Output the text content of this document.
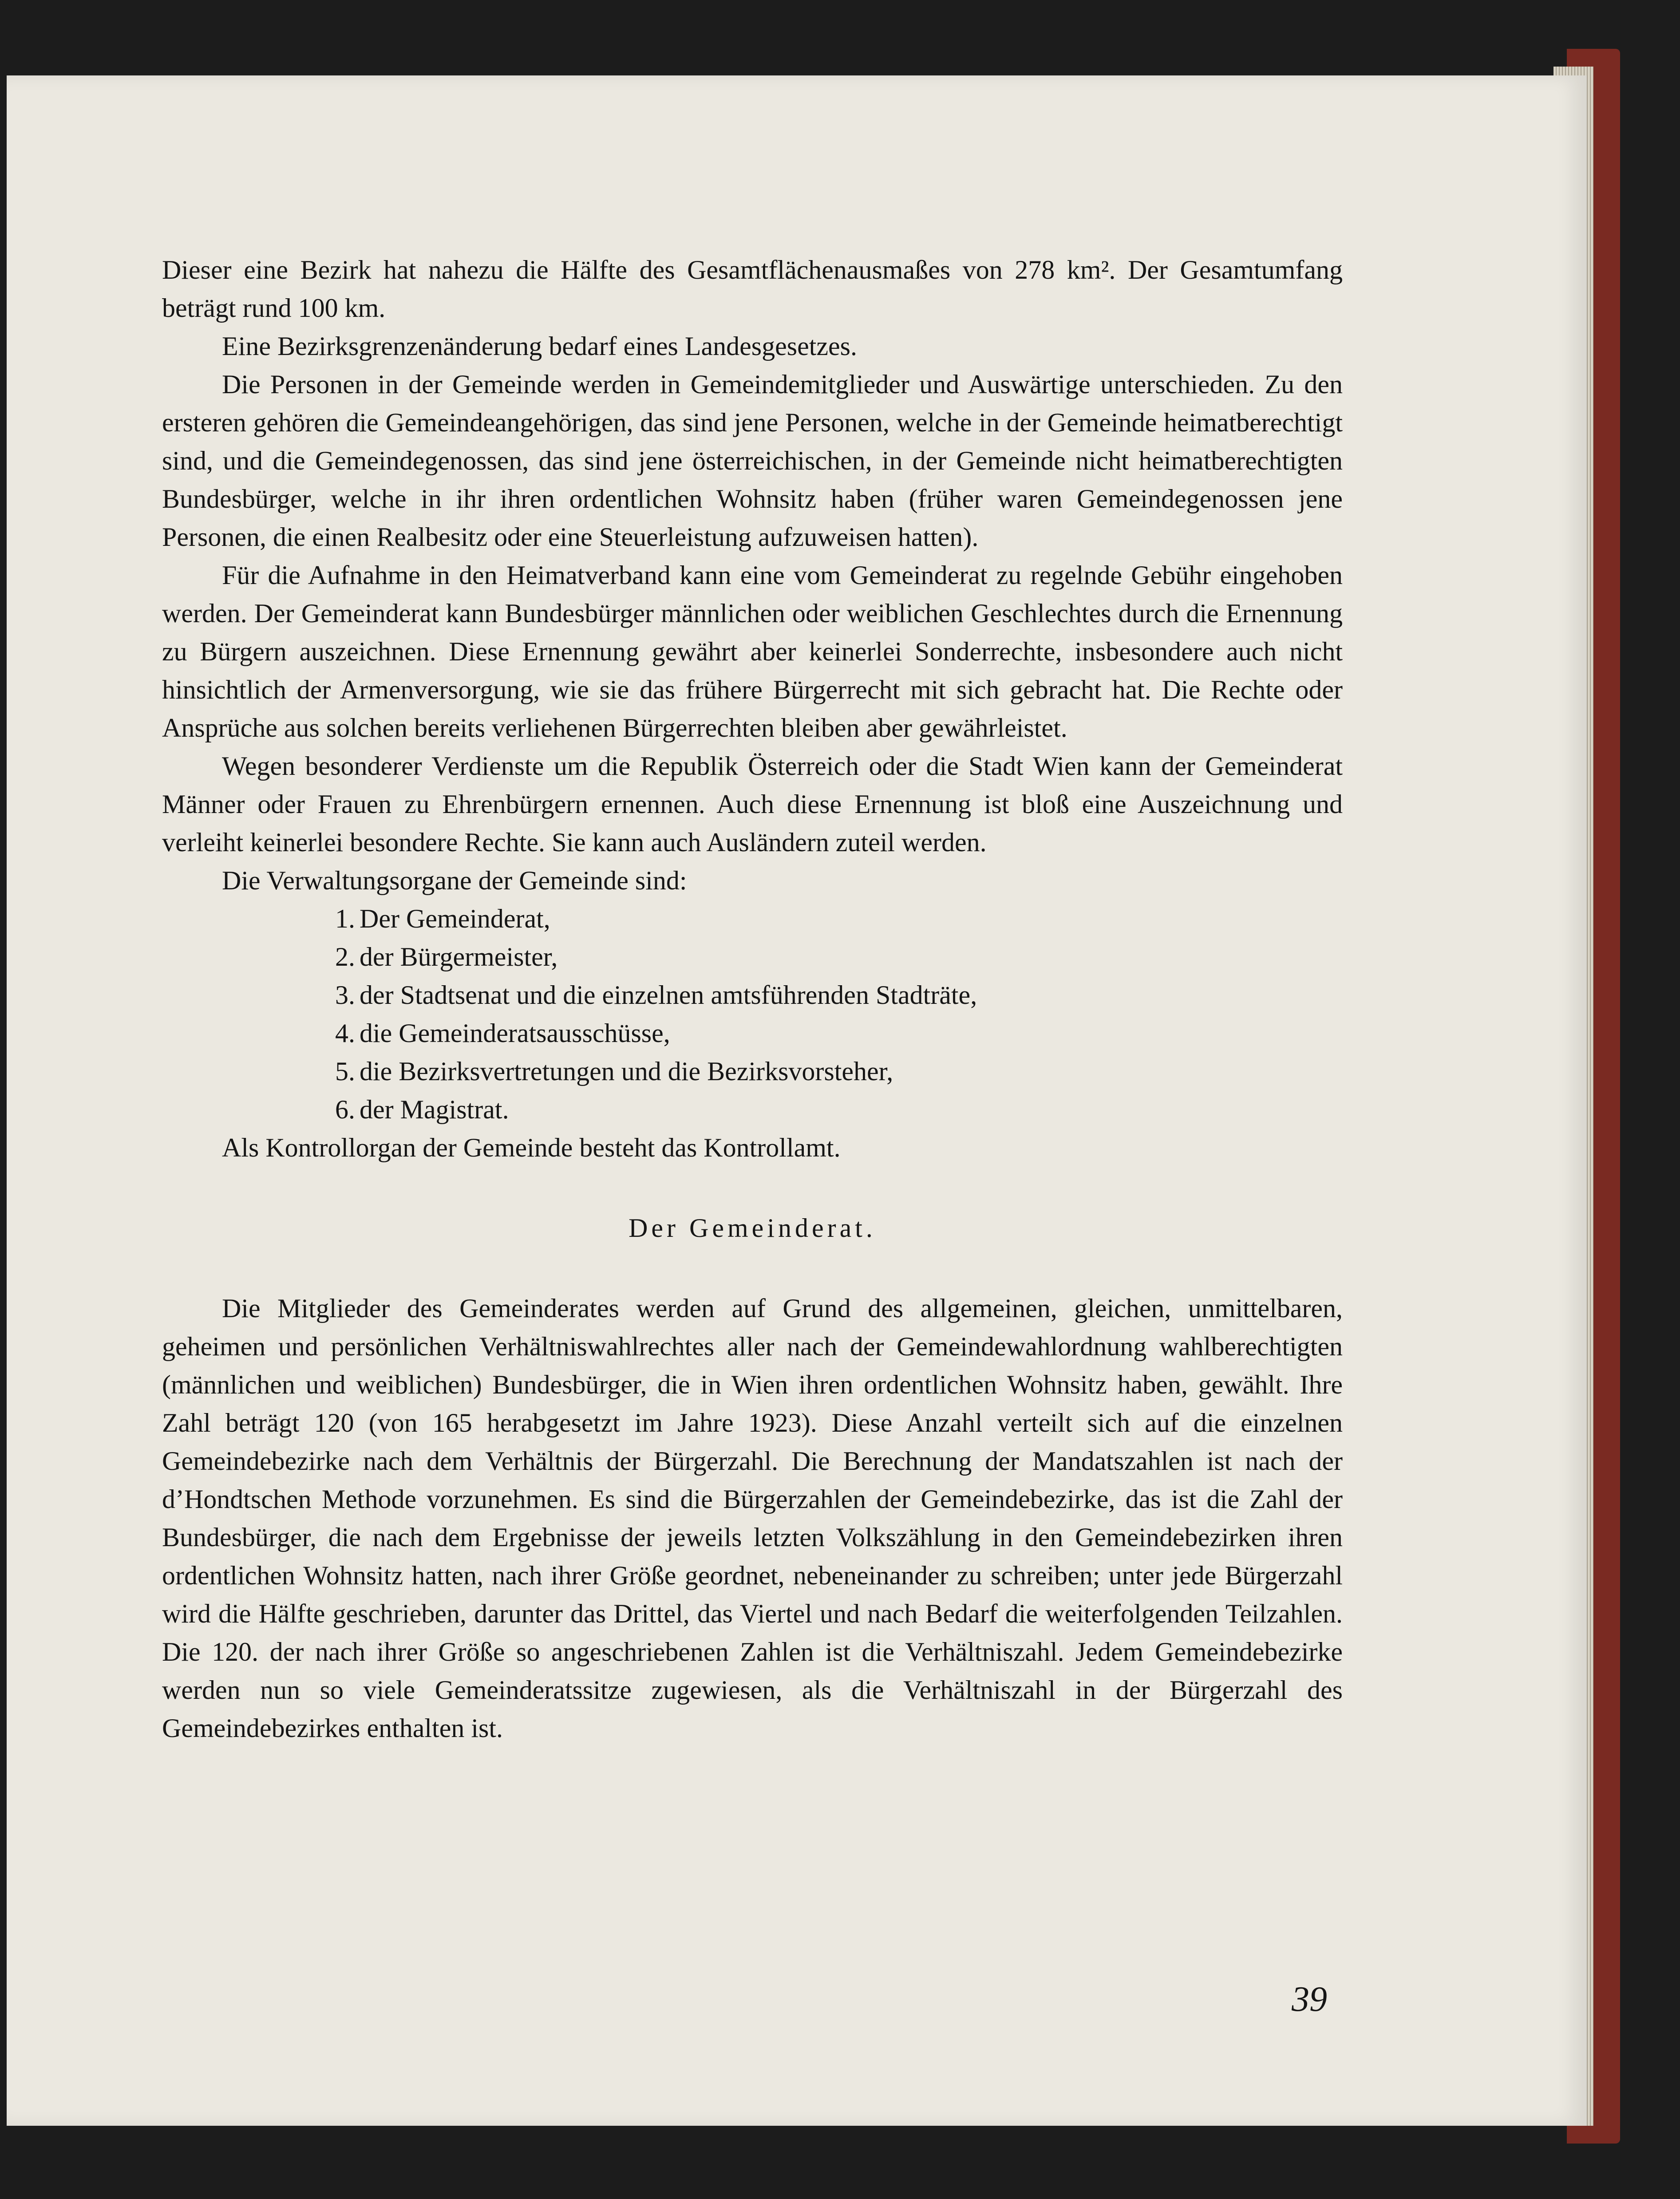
Dieser eine Bezirk hat nahezu die Hälfte des Gesamtflächenausmaßes von 278 km². Der Gesamtumfang beträgt rund 100 km.

Eine Bezirksgrenzenänderung bedarf eines Landesgesetzes.

Die Personen in der Gemeinde werden in Gemeindemitglieder und Auswärtige unterschieden. Zu den ersteren gehören die Gemeindeangehörigen, das sind jene Personen, welche in der Gemeinde heimatberechtigt sind, und die Gemeindegenossen, das sind jene österreichischen, in der Gemeinde nicht heimatberechtigten Bundesbürger, welche in ihr ihren ordentlichen Wohnsitz haben (früher waren Gemeindegenossen jene Personen, die einen Realbesitz oder eine Steuerleistung aufzuweisen hatten).

Für die Aufnahme in den Heimatverband kann eine vom Gemeinderat zu regelnde Gebühr eingehoben werden. Der Gemeinderat kann Bundesbürger männlichen oder weiblichen Geschlechtes durch die Ernennung zu Bürgern auszeichnen. Diese Ernennung gewährt aber keinerlei Sonderrechte, insbesondere auch nicht hinsichtlich der Armenversorgung, wie sie das frühere Bürgerrecht mit sich gebracht hat. Die Rechte oder Ansprüche aus solchen bereits verliehenen Bürgerrechten bleiben aber gewährleistet.

Wegen besonderer Verdienste um die Republik Österreich oder die Stadt Wien kann der Gemeinderat Männer oder Frauen zu Ehrenbürgern ernennen. Auch diese Ernennung ist bloß eine Auszeichnung und verleiht keinerlei besondere Rechte. Sie kann auch Ausländern zuteil werden.

Die Verwaltungsorgane der Gemeinde sind:

1. Der Gemeinderat,
2. der Bürgermeister,
3. der Stadtsenat und die einzelnen amtsführenden Stadträte,
4. die Gemeinderatsausschüsse,
5. die Bezirksvertretungen und die Bezirksvorsteher,
6. der Magistrat.

Als Kontrollorgan der Gemeinde besteht das Kontrollamt.

Der Gemeinderat.

Die Mitglieder des Gemeinderates werden auf Grund des allgemeinen, gleichen, unmittelbaren, geheimen und persönlichen Verhältniswahlrechtes aller nach der Gemeindewahlordnung wahlberechtigten (männlichen und weiblichen) Bundesbürger, die in Wien ihren ordentlichen Wohnsitz haben, gewählt. Ihre Zahl beträgt 120 (von 165 herabgesetzt im Jahre 1923). Diese Anzahl verteilt sich auf die einzelnen Gemeindebezirke nach dem Verhältnis der Bürgerzahl. Die Berechnung der Mandatszahlen ist nach der d’Hondtschen Methode vorzunehmen. Es sind die Bürgerzahlen der Gemeindebezirke, das ist die Zahl der Bundesbürger, die nach dem Ergebnisse der jeweils letzten Volkszählung in den Gemeindebezirken ihren ordentlichen Wohnsitz hatten, nach ihrer Größe geordnet, nebeneinander zu schreiben; unter jede Bürgerzahl wird die Hälfte geschrieben, darunter das Drittel, das Viertel und nach Bedarf die weiterfolgenden Teilzahlen. Die 120. der nach ihrer Größe so angeschriebenen Zahlen ist die Verhältniszahl. Jedem Gemeindebezirke werden nun so viele Gemeinderatssitze zugewiesen, als die Verhältniszahl in der Bürgerzahl des Gemeindebezirkes enthalten ist.

39
